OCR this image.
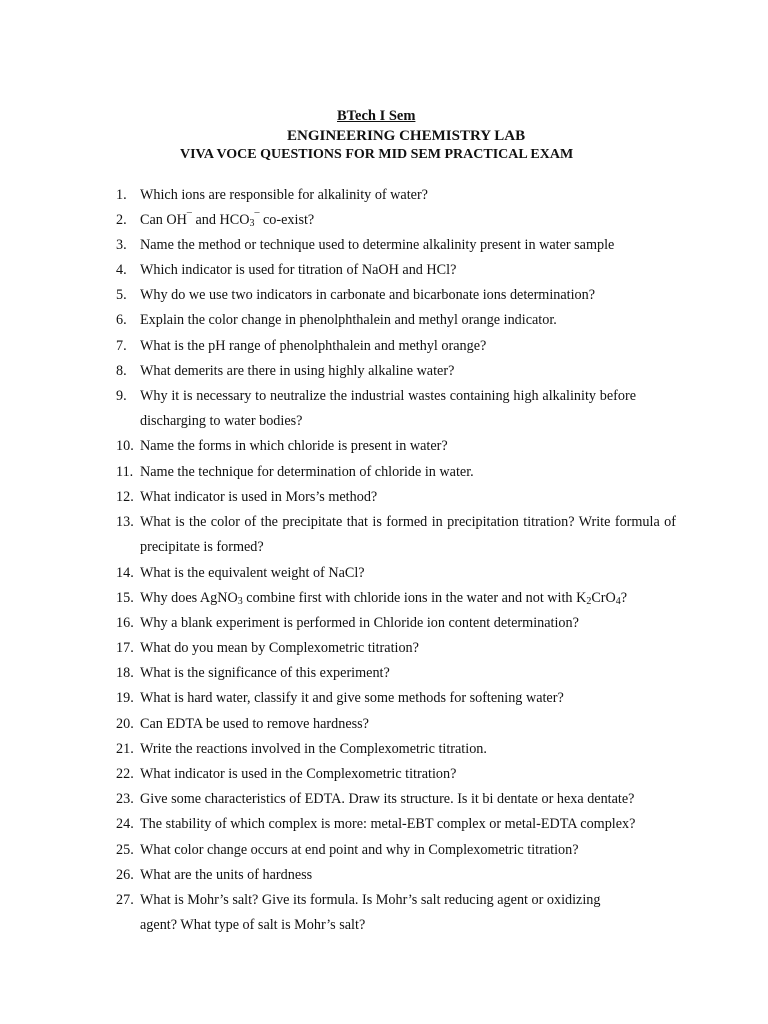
BTech I Sem
ENGINEERING CHEMISTRY LAB
VIVA VOCE QUESTIONS FOR MID SEM PRACTICAL EXAM
1. Which ions are responsible for alkalinity of water?
2. Can OH¯ and $HCO_3^¯$ co-exist?
3. Name the method or technique used to determine alkalinity present in water sample
4. Which indicator is used for titration of NaOH and HCl?
5. Why do we use two indicators in carbonate and bicarbonate ions determination?
6. Explain the color change in phenolphthalein and methyl orange indicator.
7. What is the pH range of phenolphthalein and methyl orange?
8. What demerits are there in using highly alkaline water?
9. Why it is necessary to neutralize the industrial wastes containing high alkalinity before discharging to water bodies?
10. Name the forms in which chloride is present in water?
11. Name the technique for determination of chloride in water.
12. What indicator is used in Mors’s method?
13. What is the color of the precipitate that is formed in precipitation titration? Write formula of precipitate is formed?
14. What is the equivalent weight of NaCl?
15. Why does AgNO$_3$ combine first with chloride ions in the water and not with $K_2CrO_4$?
16. Why a blank experiment is performed in Chloride ion content determination?
17. What do you mean by Complexometric titration?
18. What is the significance of this experiment?
19. What is hard water, classify it and give some methods for softening water?
20. Can EDTA be used to remove hardness?
21. Write the reactions involved in the Complexometric titration.
22. What indicator is used in the Complexometric titration?
23. Give some characteristics of EDTA. Draw its structure. Is it bi dentate or hexa dentate?
24. The stability of which complex is more: metal-EBT complex or metal-EDTA complex?
25. What color change occurs at end point and why in Complexometric titration?
26. What are the units of hardness
27. What is Mohr’s salt? Give its formula. Is Mohr’s salt reducing agent or oxidizing agent? What type of salt is Mohr’s salt?
